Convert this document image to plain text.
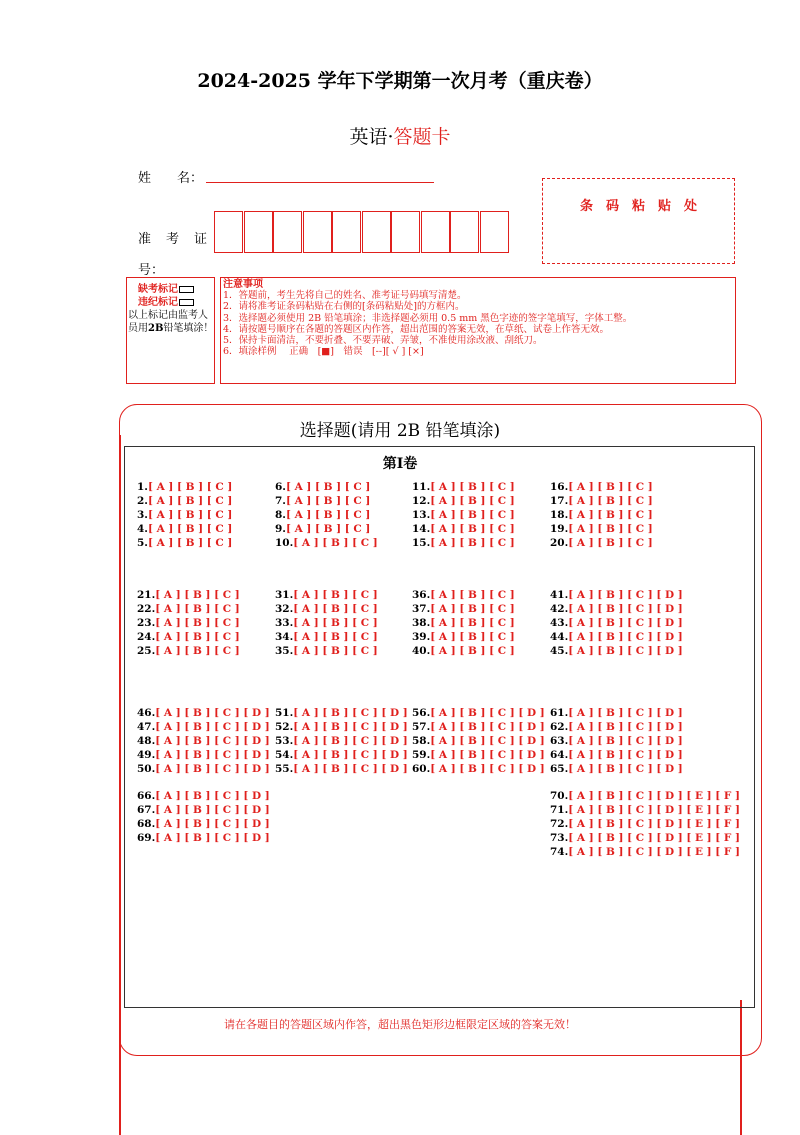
2024-2025 学年下学期第一次月考（重庆卷）
英语·答题卡
姓　　名：
准　考　证
号：
条　码　粘　贴　处
缺考标记
违纪标记
以上标记由监考人
员用2B铅笔填涂！
注意事项
1．答题前，考生先将自己的姓名、准考证号码填写清楚。
2．请将准考证条码粘贴在右侧的[条码粘贴处]的方框内。
3．选择题必须使用 2B 铅笔填涂；非选择题必须用 0.5 mm 黑色字迹的签字笔填写，字体工整。
4．请按题号顺序在各题的答题区内作答，超出范围的答案无效，在草纸、试卷上作答无效。
5．保持卡面清洁，不要折叠、不要弄破、弄皱，不准使用涂改液、刮纸刀。
6．填涂样例　 正确　[■]　错误　[--][ √ ] [×]
选择题(请用 2B 铅笔填涂)
第I卷
1.[ A ] [ B ] [ C ]
2.[ A ] [ B ] [ C ]
3.[ A ] [ B ] [ C ]
4.[ A ] [ B ] [ C ]
5.[ A ] [ B ] [ C ]
6.[ A ] [ B ] [ C ]
7.[ A ] [ B ] [ C ]
8.[ A ] [ B ] [ C ]
9.[ A ] [ B ] [ C ]
10.[ A ] [ B ] [ C ]
11.[ A ] [ B ] [ C ]
12.[ A ] [ B ] [ C ]
13.[ A ] [ B ] [ C ]
14.[ A ] [ B ] [ C ]
15.[ A ] [ B ] [ C ]
16.[ A ] [ B ] [ C ]
17.[ A ] [ B ] [ C ]
18.[ A ] [ B ] [ C ]
19.[ A ] [ B ] [ C ]
20.[ A ] [ B ] [ C ]
21.[ A ] [ B ] [ C ]
22.[ A ] [ B ] [ C ]
23.[ A ] [ B ] [ C ]
24.[ A ] [ B ] [ C ]
25.[ A ] [ B ] [ C ]
31.[ A ] [ B ] [ C ]
32.[ A ] [ B ] [ C ]
33.[ A ] [ B ] [ C ]
34.[ A ] [ B ] [ C ]
35.[ A ] [ B ] [ C ]
36.[ A ] [ B ] [ C ]
37.[ A ] [ B ] [ C ]
38.[ A ] [ B ] [ C ]
39.[ A ] [ B ] [ C ]
40.[ A ] [ B ] [ C ]
41.[ A ] [ B ] [ C ] [ D ]
42.[ A ] [ B ] [ C ] [ D ]
43.[ A ] [ B ] [ C ] [ D ]
44.[ A ] [ B ] [ C ] [ D ]
45.[ A ] [ B ] [ C ] [ D ]
46.[ A ] [ B ] [ C ] [ D ]
47.[ A ] [ B ] [ C ] [ D ]
48.[ A ] [ B ] [ C ] [ D ]
49.[ A ] [ B ] [ C ] [ D ]
50.[ A ] [ B ] [ C ] [ D ]
51.[ A ] [ B ] [ C ] [ D ]
52.[ A ] [ B ] [ C ] [ D ]
53.[ A ] [ B ] [ C ] [ D ]
54.[ A ] [ B ] [ C ] [ D ]
55.[ A ] [ B ] [ C ] [ D ]
56.[ A ] [ B ] [ C ] [ D ]
57.[ A ] [ B ] [ C ] [ D ]
58.[ A ] [ B ] [ C ] [ D ]
59.[ A ] [ B ] [ C ] [ D ]
60.[ A ] [ B ] [ C ] [ D ]
61.[ A ] [ B ] [ C ] [ D ]
62.[ A ] [ B ] [ C ] [ D ]
63.[ A ] [ B ] [ C ] [ D ]
64.[ A ] [ B ] [ C ] [ D ]
65.[ A ] [ B ] [ C ] [ D ]
66.[ A ] [ B ] [ C ] [ D ]
67.[ A ] [ B ] [ C ] [ D ]
68.[ A ] [ B ] [ C ] [ D ]
69.[ A ] [ B ] [ C ] [ D ]
70.[ A ] [ B ] [ C ] [ D ] [ E ] [ F ]
71.[ A ] [ B ] [ C ] [ D ] [ E ] [ F ]
72.[ A ] [ B ] [ C ] [ D ] [ E ] [ F ]
73.[ A ] [ B ] [ C ] [ D ] [ E ] [ F ]
74.[ A ] [ B ] [ C ] [ D ] [ E ] [ F ]
请在各题目的答题区域内作答，超出黑色矩形边框限定区域的答案无效！
